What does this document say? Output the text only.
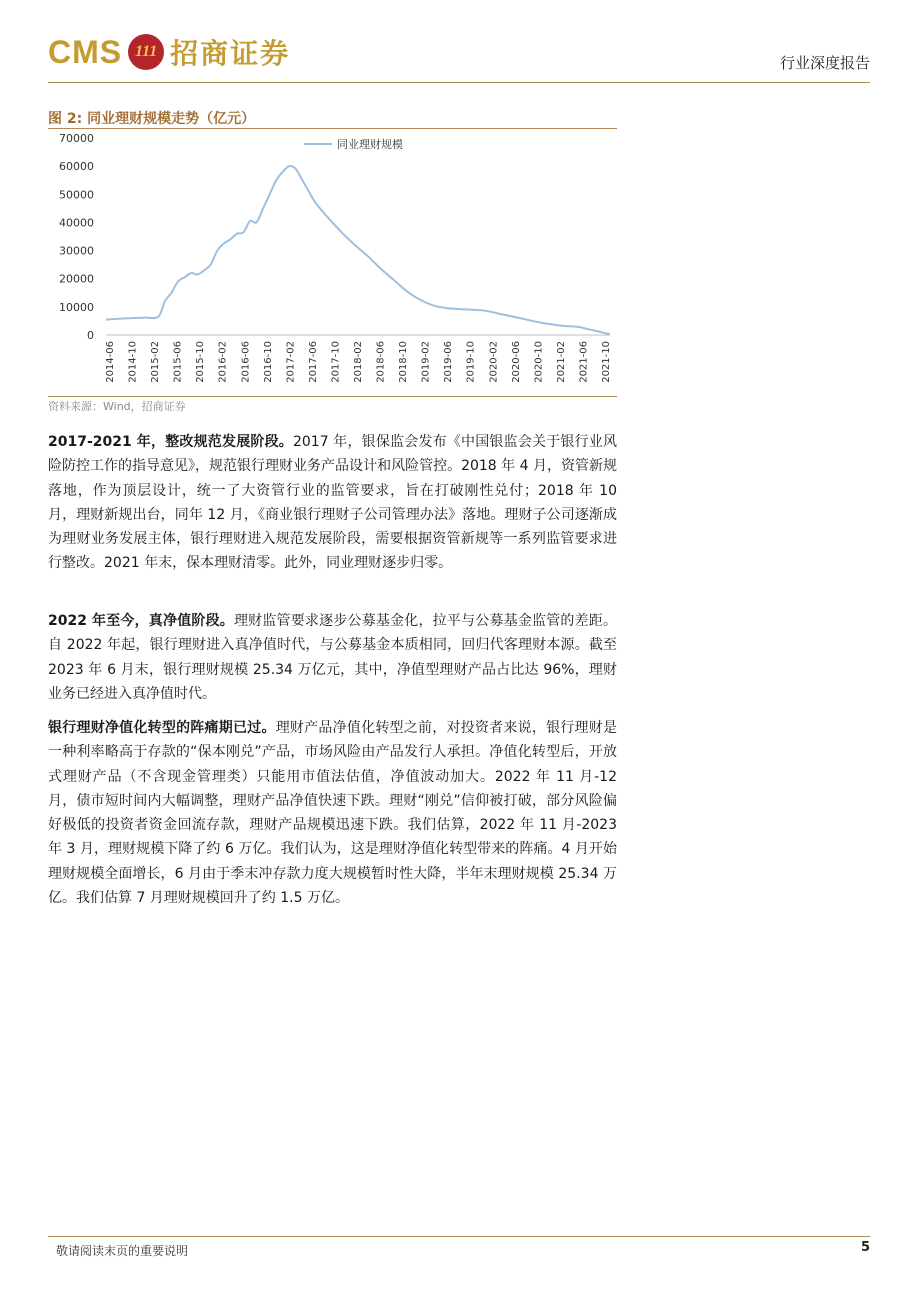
CMS 111 招商证券	行业深度报告
图 2: 同业理财规模走势（亿元）
0
10000
20000
30000
40000
50000
60000
70000
2014-06 2014-10 2015-02 2015-06 2015-10 2016-02 2016-06 2016-10 2017-02 2017-06 2017-10 2018-02 2018-06 2018-10 2019-02 2019-06 2019-10 2020-02 2020-06 2020-10 2021-02 2021-06 2021-10
同业理财规模
资料来源：Wind，招商证券

2017-2021 年，整改规范发展阶段。2017 年，银保监会发布《中国银监会关于银行业风险防控工作的指导意见》，规范银行理财业务产品设计和风险管控。2018 年 4 月，资管新规落地，作为顶层设计，统一了大资管行业的监管要求，旨在打破刚性兑付；2018 年 10 月，理财新规出台，同年 12 月，《商业银行理财子公司管理办法》落地。理财子公司逐渐成为理财业务发展主体，银行理财进入规范发展阶段，需要根据资管新规等一系列监管要求进行整改。2021 年末，保本理财清零。此外，同业理财逐步归零。

2022 年至今，真净值阶段。理财监管要求逐步公募基金化，拉平与公募基金监管的差距。自 2022 年起，银行理财进入真净值时代，与公募基金本质相同，回归代客理财本源。截至 2023 年 6 月末，银行理财规模 25.34 万亿元，其中，净值型理财产品占比达 96%，理财业务已经进入真净值时代。

银行理财净值化转型的阵痛期已过。理财产品净值化转型之前，对投资者来说，银行理财是一种利率略高于存款的“保本刚兑”产品，市场风险由产品发行人承担。净值化转型后，开放式理财产品（不含现金管理类）只能用市值法估值，净值波动加大。2022 年 11 月-12 月，债市短时间内大幅调整，理财产品净值快速下跌。理财“刚兑”信仰被打破，部分风险偏好极低的投资者资金回流存款，理财产品规模迅速下跌。我们估算，2022 年 11 月-2023 年 3 月，理财规模下降了约 6 万亿。我们认为，这是理财净值化转型带来的阵痛。4 月开始理财规模全面增长，6 月由于季末冲存款力度大规模暂时性大降，半年末理财规模 25.34 万亿。我们估算 7 月理财规模回升了约 1.5 万亿。

敬请阅读末页的重要说明	5
